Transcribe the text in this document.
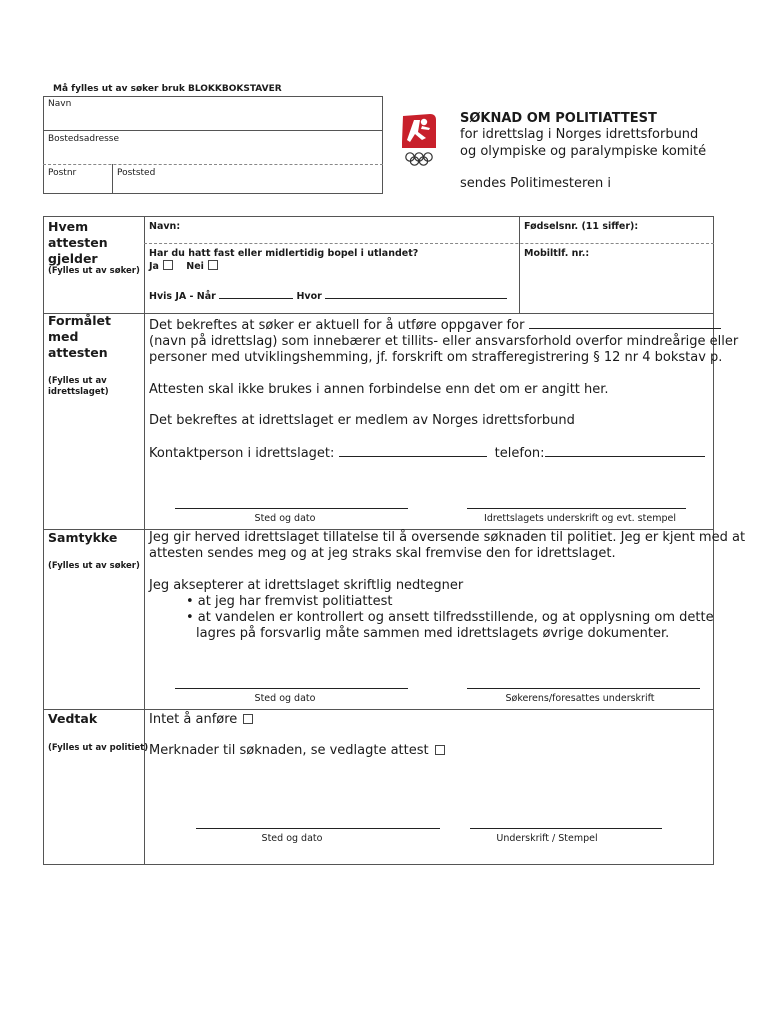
Må fylles ut av søker bruk BLOKKBOKSTAVER
Navn
Bostedsadresse
Postnr	Poststed
SØKNAD OM POLITIATTEST
for idrettslag i Norges idrettsforbund
og olympiske og paralympiske komité
sendes Politimesteren i
Hvem attesten gjelder
(Fylles ut av søker)
Navn:	Fødselsnr. (11 siffer):
Har du hatt fast eller midlertidig bopel i utlandet?
Ja	Nei
Mobiltlf. nr.:
Hvis JA - Når	Hvor
Formålet med attesten
(Fylles ut av idrettslaget)
Det bekreftes at søker er aktuell for å utføre oppgaver for
(navn på idrettslag) som innebærer et tillits- eller ansvarsforhold overfor mindreårige eller
personer med utviklingshemming, jf. forskrift om strafferegistrering § 12 nr 4 bokstav p.
Attesten skal ikke brukes i annen forbindelse enn det om er angitt her.
Det bekreftes at idrettslaget er medlem av Norges idrettsforbund
Kontaktperson i idrettslaget:	telefon:
Sted og dato	Idrettslagets underskrift og evt. stempel
Samtykke
(Fylles ut av søker)
Jeg gir herved idrettslaget tillatelse til å oversende søknaden til politiet. Jeg er kjent med at
attesten sendes meg og at jeg straks skal fremvise den for idrettslaget.
Jeg aksepterer at idrettslaget skriftlig nedtegner
• at jeg har fremvist politiattest
• at vandelen er kontrollert og ansett tilfredsstillende, og at opplysning om dette
lagres på forsvarlig måte sammen med idrettslagets øvrige dokumenter.
Sted og dato	Søkerens/foresattes underskrift
Vedtak
(Fylles ut av politiet)
Intet å anføre
Merknader til søknaden, se vedlagte attest
Sted og dato	Underskrift / Stempel
